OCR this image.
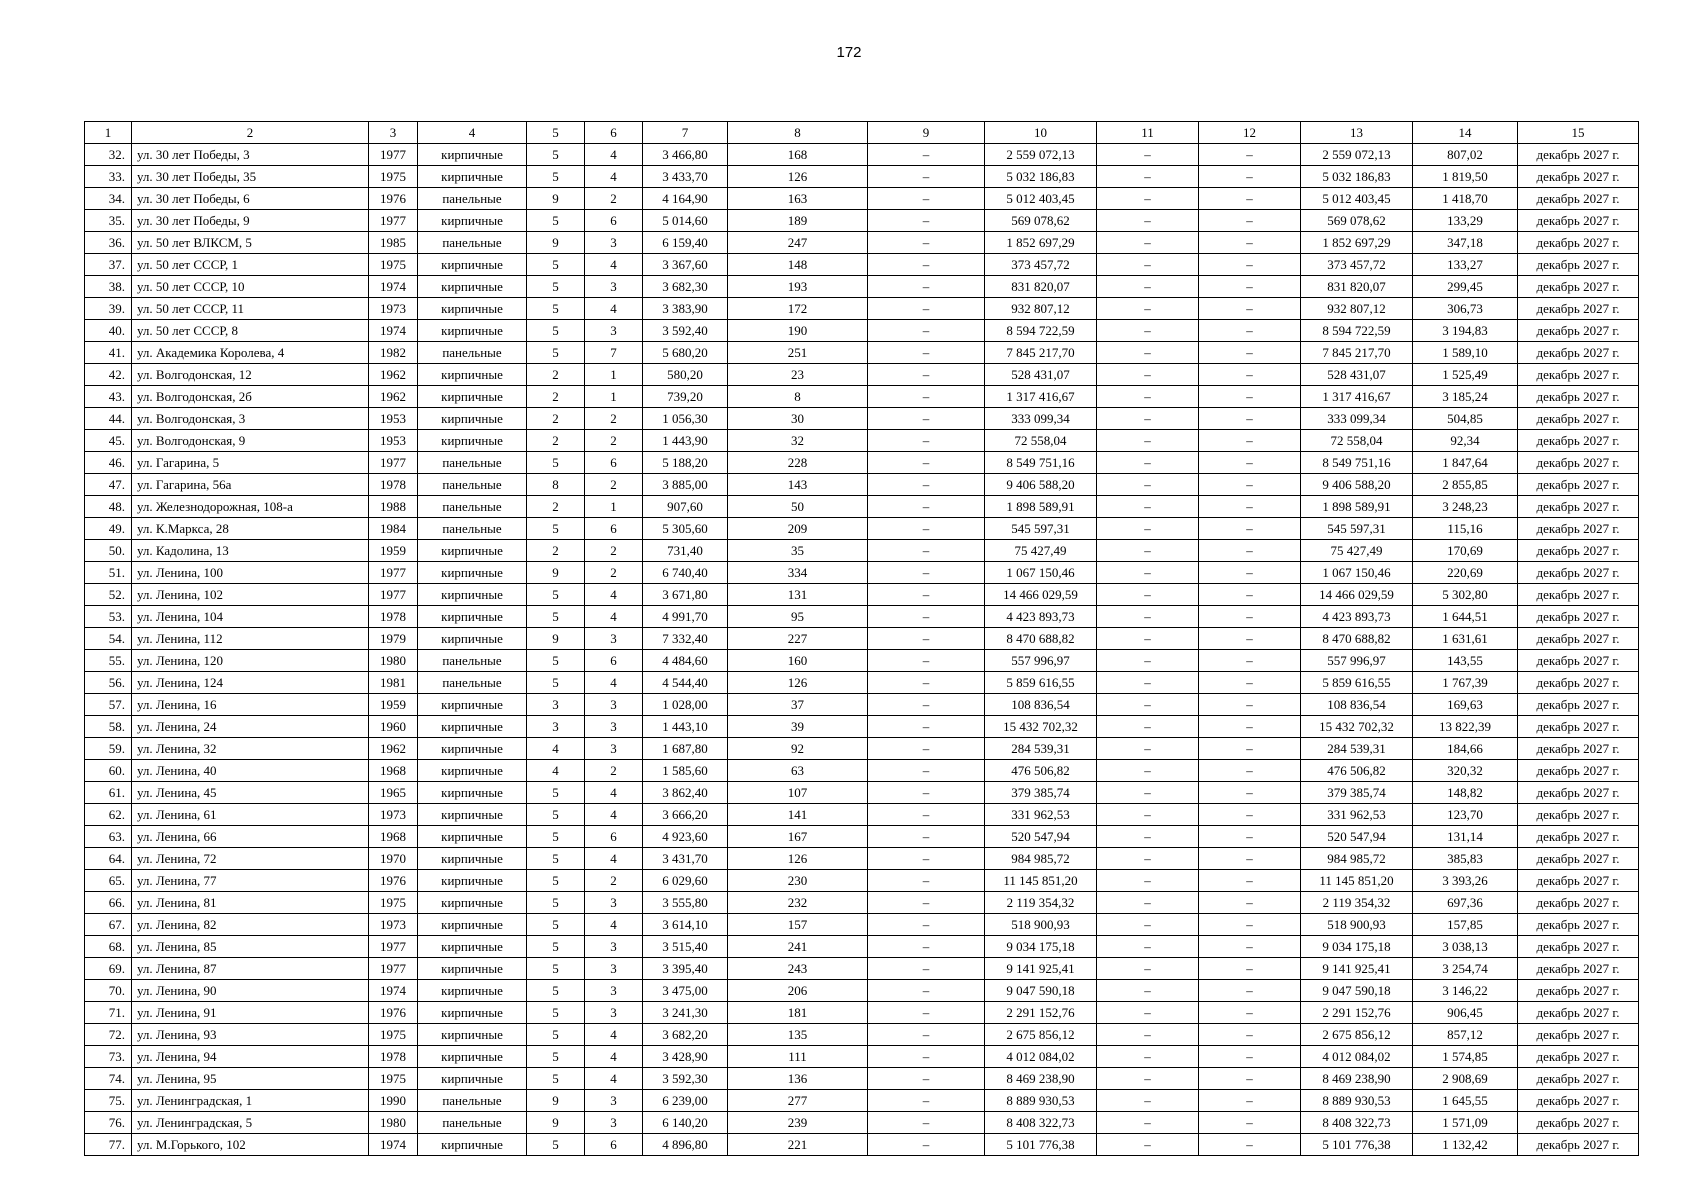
172
1	2	3	4	5	6	7	8	9	10	11	12	13	14	15
32.	ул. 30 лет Победы, 3	1977	кирпичные	5	4	3 466,80	168	–	2 559 072,13	–	–	2 559 072,13	807,02	декабрь 2027 г.
33.	ул. 30 лет Победы, 35	1975	кирпичные	5	4	3 433,70	126	–	5 032 186,83	–	–	5 032 186,83	1 819,50	декабрь 2027 г.
34.	ул. 30 лет Победы, 6	1976	панельные	9	2	4 164,90	163	–	5 012 403,45	–	–	5 012 403,45	1 418,70	декабрь 2027 г.
35.	ул. 30 лет Победы, 9	1977	кирпичные	5	6	5 014,60	189	–	569 078,62	–	–	569 078,62	133,29	декабрь 2027 г.
36.	ул. 50 лет ВЛКСМ, 5	1985	панельные	9	3	6 159,40	247	–	1 852 697,29	–	–	1 852 697,29	347,18	декабрь 2027 г.
37.	ул. 50 лет СССР, 1	1975	кирпичные	5	4	3 367,60	148	–	373 457,72	–	–	373 457,72	133,27	декабрь 2027 г.
38.	ул. 50 лет СССР, 10	1974	кирпичные	5	3	3 682,30	193	–	831 820,07	–	–	831 820,07	299,45	декабрь 2027 г.
39.	ул. 50 лет СССР, 11	1973	кирпичные	5	4	3 383,90	172	–	932 807,12	–	–	932 807,12	306,73	декабрь 2027 г.
40.	ул. 50 лет СССР, 8	1974	кирпичные	5	3	3 592,40	190	–	8 594 722,59	–	–	8 594 722,59	3 194,83	декабрь 2027 г.
41.	ул. Академика Королева, 4	1982	панельные	5	7	5 680,20	251	–	7 845 217,70	–	–	7 845 217,70	1 589,10	декабрь 2027 г.
42.	ул. Волгодонская, 12	1962	кирпичные	2	1	580,20	23	–	528 431,07	–	–	528 431,07	1 525,49	декабрь 2027 г.
43.	ул. Волгодонская, 2б	1962	кирпичные	2	1	739,20	8	–	1 317 416,67	–	–	1 317 416,67	3 185,24	декабрь 2027 г.
44.	ул. Волгодонская, 3	1953	кирпичные	2	2	1 056,30	30	–	333 099,34	–	–	333 099,34	504,85	декабрь 2027 г.
45.	ул. Волгодонская, 9	1953	кирпичные	2	2	1 443,90	32	–	72 558,04	–	–	72 558,04	92,34	декабрь 2027 г.
46.	ул. Гагарина, 5	1977	панельные	5	6	5 188,20	228	–	8 549 751,16	–	–	8 549 751,16	1 847,64	декабрь 2027 г.
47.	ул. Гагарина, 56а	1978	панельные	8	2	3 885,00	143	–	9 406 588,20	–	–	9 406 588,20	2 855,85	декабрь 2027 г.
48.	ул. Железнодорожная, 108-а	1988	панельные	2	1	907,60	50	–	1 898 589,91	–	–	1 898 589,91	3 248,23	декабрь 2027 г.
49.	ул. К.Маркса, 28	1984	панельные	5	6	5 305,60	209	–	545 597,31	–	–	545 597,31	115,16	декабрь 2027 г.
50.	ул. Кадолина, 13	1959	кирпичные	2	2	731,40	35	–	75 427,49	–	–	75 427,49	170,69	декабрь 2027 г.
51.	ул. Ленина, 100	1977	кирпичные	9	2	6 740,40	334	–	1 067 150,46	–	–	1 067 150,46	220,69	декабрь 2027 г.
52.	ул. Ленина, 102	1977	кирпичные	5	4	3 671,80	131	–	14 466 029,59	–	–	14 466 029,59	5 302,80	декабрь 2027 г.
53.	ул. Ленина, 104	1978	кирпичные	5	4	4 991,70	95	–	4 423 893,73	–	–	4 423 893,73	1 644,51	декабрь 2027 г.
54.	ул. Ленина, 112	1979	кирпичные	9	3	7 332,40	227	–	8 470 688,82	–	–	8 470 688,82	1 631,61	декабрь 2027 г.
55.	ул. Ленина, 120	1980	панельные	5	6	4 484,60	160	–	557 996,97	–	–	557 996,97	143,55	декабрь 2027 г.
56.	ул. Ленина, 124	1981	панельные	5	4	4 544,40	126	–	5 859 616,55	–	–	5 859 616,55	1 767,39	декабрь 2027 г.
57.	ул. Ленина, 16	1959	кирпичные	3	3	1 028,00	37	–	108 836,54	–	–	108 836,54	169,63	декабрь 2027 г.
58.	ул. Ленина, 24	1960	кирпичные	3	3	1 443,10	39	–	15 432 702,32	–	–	15 432 702,32	13 822,39	декабрь 2027 г.
59.	ул. Ленина, 32	1962	кирпичные	4	3	1 687,80	92	–	284 539,31	–	–	284 539,31	184,66	декабрь 2027 г.
60.	ул. Ленина, 40	1968	кирпичные	4	2	1 585,60	63	–	476 506,82	–	–	476 506,82	320,32	декабрь 2027 г.
61.	ул. Ленина, 45	1965	кирпичные	5	4	3 862,40	107	–	379 385,74	–	–	379 385,74	148,82	декабрь 2027 г.
62.	ул. Ленина, 61	1973	кирпичные	5	4	3 666,20	141	–	331 962,53	–	–	331 962,53	123,70	декабрь 2027 г.
63.	ул. Ленина, 66	1968	кирпичные	5	6	4 923,60	167	–	520 547,94	–	–	520 547,94	131,14	декабрь 2027 г.
64.	ул. Ленина, 72	1970	кирпичные	5	4	3 431,70	126	–	984 985,72	–	–	984 985,72	385,83	декабрь 2027 г.
65.	ул. Ленина, 77	1976	кирпичные	5	2	6 029,60	230	–	11 145 851,20	–	–	11 145 851,20	3 393,26	декабрь 2027 г.
66.	ул. Ленина, 81	1975	кирпичные	5	3	3 555,80	232	–	2 119 354,32	–	–	2 119 354,32	697,36	декабрь 2027 г.
67.	ул. Ленина, 82	1973	кирпичные	5	4	3 614,10	157	–	518 900,93	–	–	518 900,93	157,85	декабрь 2027 г.
68.	ул. Ленина, 85	1977	кирпичные	5	3	3 515,40	241	–	9 034 175,18	–	–	9 034 175,18	3 038,13	декабрь 2027 г.
69.	ул. Ленина, 87	1977	кирпичные	5	3	3 395,40	243	–	9 141 925,41	–	–	9 141 925,41	3 254,74	декабрь 2027 г.
70.	ул. Ленина, 90	1974	кирпичные	5	3	3 475,00	206	–	9 047 590,18	–	–	9 047 590,18	3 146,22	декабрь 2027 г.
71.	ул. Ленина, 91	1976	кирпичные	5	3	3 241,30	181	–	2 291 152,76	–	–	2 291 152,76	906,45	декабрь 2027 г.
72.	ул. Ленина, 93	1975	кирпичные	5	4	3 682,20	135	–	2 675 856,12	–	–	2 675 856,12	857,12	декабрь 2027 г.
73.	ул. Ленина, 94	1978	кирпичные	5	4	3 428,90	111	–	4 012 084,02	–	–	4 012 084,02	1 574,85	декабрь 2027 г.
74.	ул. Ленина, 95	1975	кирпичные	5	4	3 592,30	136	–	8 469 238,90	–	–	8 469 238,90	2 908,69	декабрь 2027 г.
75.	ул. Ленинградская, 1	1990	панельные	9	3	6 239,00	277	–	8 889 930,53	–	–	8 889 930,53	1 645,55	декабрь 2027 г.
76.	ул. Ленинградская, 5	1980	панельные	9	3	6 140,20	239	–	8 408 322,73	–	–	8 408 322,73	1 571,09	декабрь 2027 г.
77.	ул. М.Горького, 102	1974	кирпичные	5	6	4 896,80	221	–	5 101 776,38	–	–	5 101 776,38	1 132,42	декабрь 2027 г.
